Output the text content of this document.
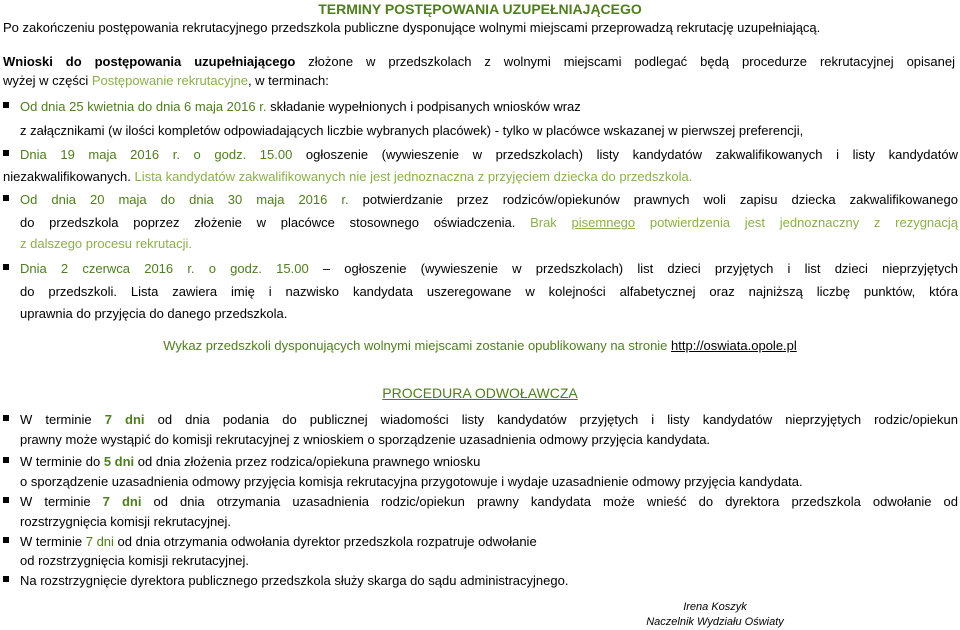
TERMINY POSTĘPOWANIA UZUPEŁNIAJĄCEGO
Po zakończeniu postępowania rekrutacyjnego przedszkola publiczne dysponujące wolnymi miejscami przeprowadzą rekrutację uzupełniającą.
Wnioski do postępowania uzupełniającego złożone w przedszkolach z wolnymi miejscami podlegać będą procedurze rekrutacyjnej opisanej
wyżej w części Postępowanie rekrutacyjne, w terminach:
Od dnia 25 kwietnia do dnia 6 maja 2016 r. składanie wypełnionych i podpisanych wniosków wraz
z załącznikami (w ilości kompletów odpowiadających liczbie wybranych placówek) - tylko w placówce wskazanej w pierwszej preferencji,
Dnia 19 maja 2016 r. o godz. 15.00 ogłoszenie (wywieszenie w przedszkolach) listy kandydatów zakwalifikowanych i listy kandydatów
niezakwalifikowanych. Lista kandydatów zakwalifikowanych nie jest jednoznaczna z przyjęciem dziecka do przedszkola.
Od dnia 20 maja do dnia 30 maja 2016 r. potwierdzanie przez rodziców/opiekunów prawnych woli zapisu dziecka zakwalifikowanego
do przedszkola poprzez złożenie w placówce stosownego oświadczenia. Brak pisemnego potwierdzenia jest jednoznaczny z rezygnacją
z dalszego procesu rekrutacji.
Dnia 2 czerwca 2016 r. o godz. 15.00 – ogłoszenie (wywieszenie w przedszkolach) list dzieci przyjętych i list dzieci nieprzyjętych
do przedszkoli. Lista zawiera imię i nazwisko kandydata uszeregowane w kolejności alfabetycznej oraz najniższą liczbę punktów, która
uprawnia do przyjęcia do danego przedszkola.
Wykaz przedszkoli dysponujących wolnymi miejscami zostanie opublikowany na stronie http://oswiata.opole.pl
PROCEDURA ODWOŁAWCZA
W terminie 7 dni od dnia podania do publicznej wiadomości listy kandydatów przyjętych i listy kandydatów nieprzyjętych rodzic/opiekun
prawny może wystąpić do komisji rekrutacyjnej z wnioskiem o sporządzenie uzasadnienia odmowy przyjęcia kandydata.
W terminie do 5 dni od dnia złożenia przez rodzica/opiekuna prawnego wniosku
o sporządzenie uzasadnienia odmowy przyjęcia komisja rekrutacyjna przygotowuje i wydaje uzasadnienie odmowy przyjęcia kandydata.
W terminie 7 dni od dnia otrzymania uzasadnienia rodzic/opiekun prawny kandydata może wnieść do dyrektora przedszkola odwołanie od
rozstrzygnięcia komisji rekrutacyjnej.
W terminie 7 dni od dnia otrzymania odwołania dyrektor przedszkola rozpatruje odwołanie
od rozstrzygnięcia komisji rekrutacyjnej.
Na rozstrzygnięcie dyrektora publicznego przedszkola służy skarga do sądu administracyjnego.
Irena Koszyk
Naczelnik Wydziału Oświaty
